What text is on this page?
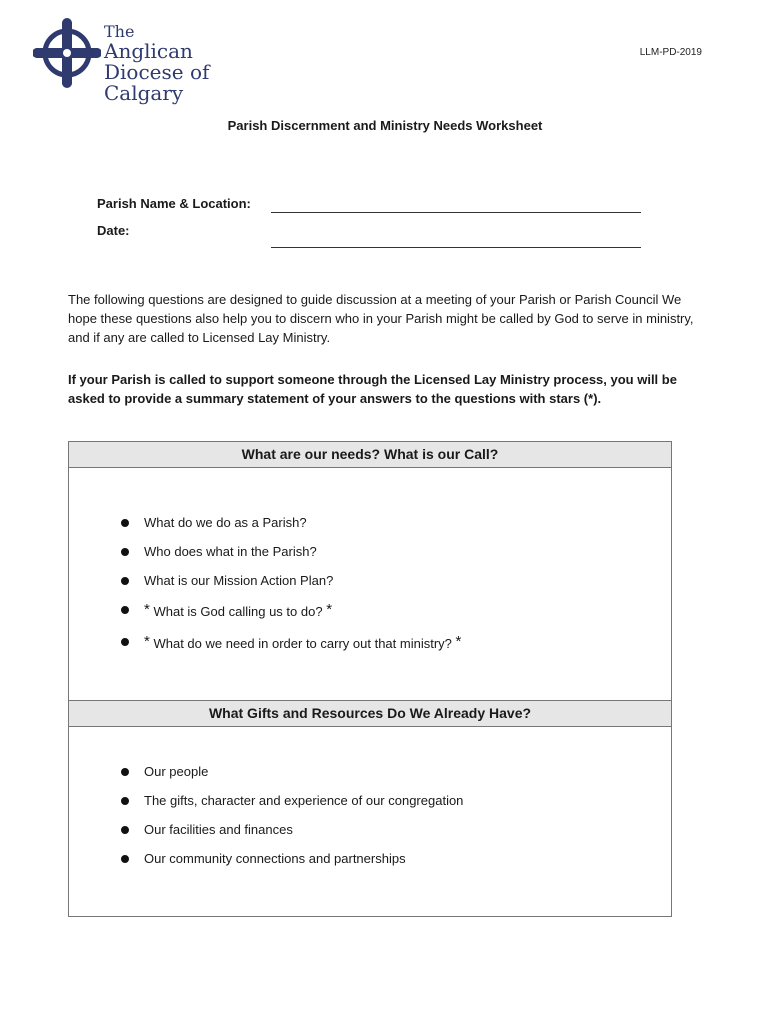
The
Anglican
Diocese of Calgary
LLM-PD-2019
Parish Discernment and Ministry Needs Worksheet
Parish Name & Location:
Date:

The following questions are designed to guide discussion at a meeting of your Parish or Parish Council We hope these questions also help you to discern who in your Parish might be called by God to serve in ministry, and if any are called to Licensed Lay Ministry.

If your Parish is called to support someone through the Licensed Lay Ministry process, you will be asked to provide a summary statement of your answers to the questions with stars (*).
What are our needs? What is our Call?
What do we do as a Parish?
Who does what in the Parish?
What is our Mission Action Plan?
* What is God calling us to do? *
* What do we need in order to carry out that ministry? *
What Gifts and Resources Do We Already Have?
Our people
The gifts, character and experience of our congregation
Our facilities and finances
Our community connections and partnerships
